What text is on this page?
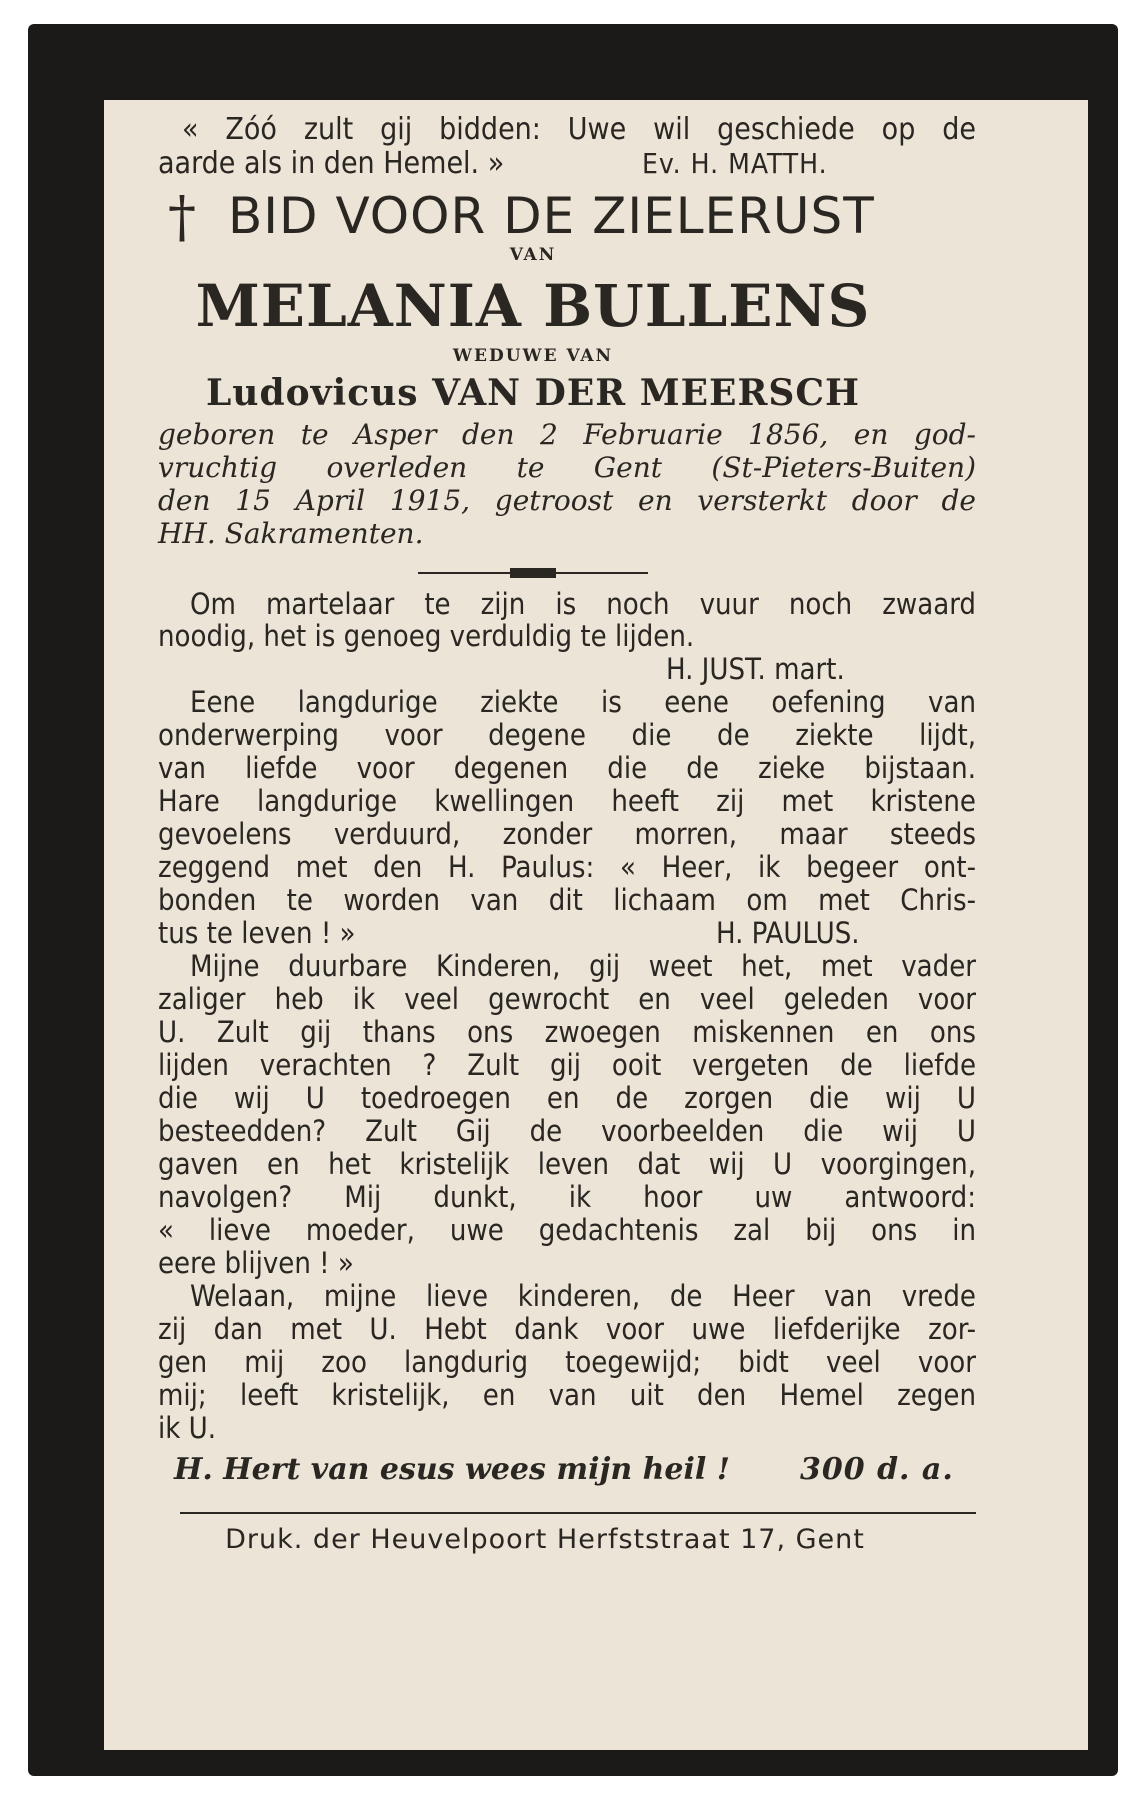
« Zóó zult gij bidden: Uwe wil geschiede op de

aarde als in den Hemel. »	Ev. H. MATTH.

† BID VOOR DE ZIELERUST

VAN

MELANIA BULLENS

WEDUWE VAN

Ludovicus VAN DER MEERSCH

geboren te Asper den 2 Februarie 1856, en god-

vruchtig overleden te Gent (St-Pieters-Buiten)

den 15 April 1915, getroost en versterkt door de

HH. Sakramenten.

Om martelaar te zijn is noch vuur noch zwaard

noodig, het is genoeg verduldig te lijden.

H. JUST. mart.

Eene langdurige ziekte is eene oefening van

onderwerping voor degene die de ziekte lijdt,

van liefde voor degenen die de zieke bijstaan.

Hare langdurige kwellingen heeft zij met kristene

gevoelens verduurd, zonder morren, maar steeds

zeggend met den H. Paulus: « Heer, ik begeer ont-

bonden te worden van dit lichaam om met Chris-

tus te leven ! »	H. PAULUS.

Mijne duurbare Kinderen, gij weet het, met vader

zaliger heb ik veel gewrocht en veel geleden voor

U. Zult gij thans ons zwoegen miskennen en ons

lijden verachten ? Zult gij ooit vergeten de liefde

die wij U toedroegen en de zorgen die wij U

besteedden? Zult Gij de voorbeelden die wij U

gaven en het kristelijk leven dat wij U voorgingen,

navolgen? Mij dunkt, ik hoor uw antwoord:

« lieve moeder, uwe gedachtenis zal bij ons in

eere blijven ! »

Welaan, mijne lieve kinderen, de Heer van vrede

zij dan met U. Hebt dank voor uwe liefderijke zor-

gen mij zoo langdurig toegewijd; bidt veel voor

mij; leeft kristelijk, en van uit den Hemel zegen

ik U.

H. Hert van esus wees mijn heil ! 300 d. a.

Druk. der Heuvelpoort Herfststraat 17, Gent
